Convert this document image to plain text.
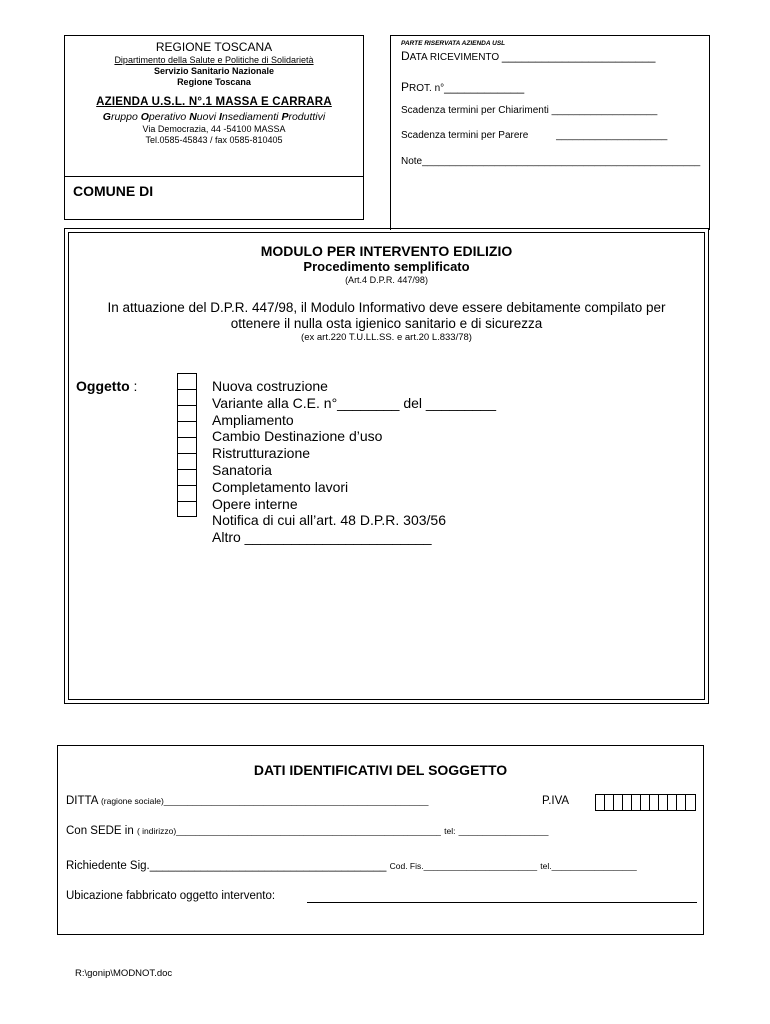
REGIONE TOSCANA
Dipartimento della Salute e Politiche di Solidarietà
Servizio Sanitario Nazionale
Regione Toscana
AZIENDA U.S.L. N°.1 MASSA E CARRARA
Gruppo Operativo Nuovi Insediamenti Produttivi
Via Democrazia, 44 -54100 MASSA
Tel.0585-45843 / fax 0585-810405
COMUNE DI
PARTE RISERVATA AZIENDA USL
DATA RICEVIMENTO _______________________
PROT. n°____________
Scadenza termini per Chiarimenti ___________________
Scadenza termini per Parere	____________________
Note__________________________________________________
MODULO PER INTERVENTO EDILIZIO
Procedimento semplificato
(Art.4 D.P.R. 447/98)
In attuazione del D.P.R. 447/98, il Modulo Informativo deve essere debitamente compilato per
ottenere il nulla osta igienico sanitario e di sicurezza
(ex art.220 T.U.LL.SS. e art.20 L.833/78)
Oggetto :	Nuova costruzione
Variante alla C.E. n°________ del _________
Ampliamento
Cambio Destinazione d’uso
Ristrutturazione
Sanatoria
Completamento lavori
Opere interne
Notifica di cui all’art. 48 D.P.R. 303/56
Altro ________________________
DATI IDENTIFICATIVI DEL SOGGETTO
DITTA (ragione sociale)________________________________________________________	P.IVA
Con SEDE in ( indirizzo)________________________________________________________ tel: ___________________
Richiedente Sig._____________________________________ Cod. Fis.________________________ tel.__________________
Ubicazione fabbricato oggetto intervento:
R:\gonip\MODNOT.doc
